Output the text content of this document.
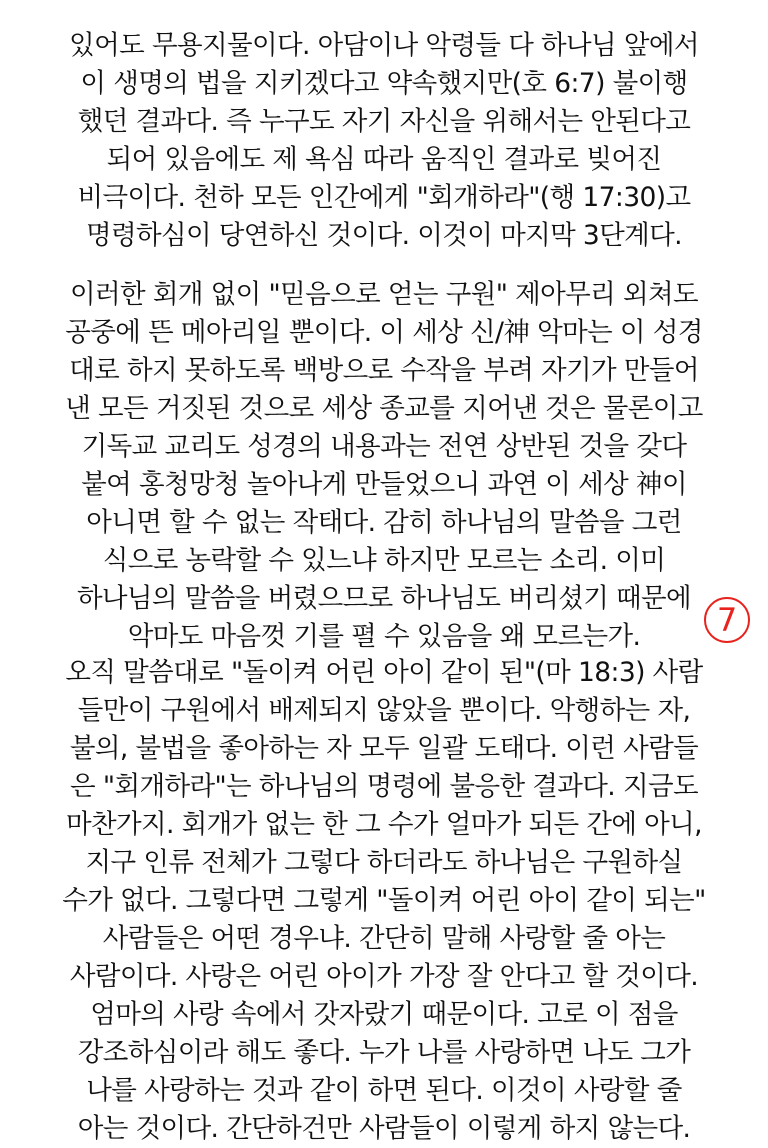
있어도 무용지물이다. 아담이나 악령들 다 하나님 앞에서
이 생명의 법을 지키겠다고 약속했지만(호 6:7) 불이행
했던 결과다. 즉 누구도 자기 자신을 위해서는 안된다고
되어 있음에도 제 욕심 따라 움직인 결과로 빚어진
비극이다. 천하 모든 인간에게 "회개하라"(행 17:30)고
명령하심이 당연하신 것이다. 이것이 마지막 3단계다.
이러한 회개 없이 "믿음으로 얻는 구원" 제아무리 외쳐도
공중에 뜬 메아리일 뿐이다. 이 세상 신/神 악마는 이 성경
대로 하지 못하도록 백방으로 수작을 부려 자기가 만들어
낸 모든 거짓된 것으로 세상 종교를 지어낸 것은 물론이고
기독교 교리도 성경의 내용과는 전연 상반된 것을 갖다
붙여 홍청망청 놀아나게 만들었으니 과연 이 세상 神이
아니면 할 수 없는 작태다. 감히 하나님의 말씀을 그런
식으로 농락할 수 있느냐 하지만 모르는 소리. 이미
하나님의 말씀을 버렸으므로 하나님도 버리셨기 때문에
악마도 마음껏 기를 펼 수 있음을 왜 모르는가.	7
오직 말씀대로 "돌이켜 어린 아이 같이 된"(마 18:3) 사람
들만이 구원에서 배제되지 않았을 뿐이다. 악행하는 자,
불의, 불법을 좋아하는 자 모두 일괄 도태다. 이런 사람들
은 "회개하라"는 하나님의 명령에 불응한 결과다. 지금도
마찬가지. 회개가 없는 한 그 수가 얼마가 되든 간에 아니,
지구 인류 전체가 그렇다 하더라도 하나님은 구원하실
수가 없다. 그렇다면 그렇게 "돌이켜 어린 아이 같이 되는"
사람들은 어떤 경우냐. 간단히 말해 사랑할 줄 아는
사람이다. 사랑은 어린 아이가 가장 잘 안다고 할 것이다.
엄마의 사랑 속에서 갓자랐기 때문이다. 고로 이 점을
강조하심이라 해도 좋다. 누가 나를 사랑하면 나도 그가
나를 사랑하는 것과 같이 하면 된다. 이것이 사랑할 줄
아는 것이다. 간단하건만 사람들이 이렇게 하지 않는다.
